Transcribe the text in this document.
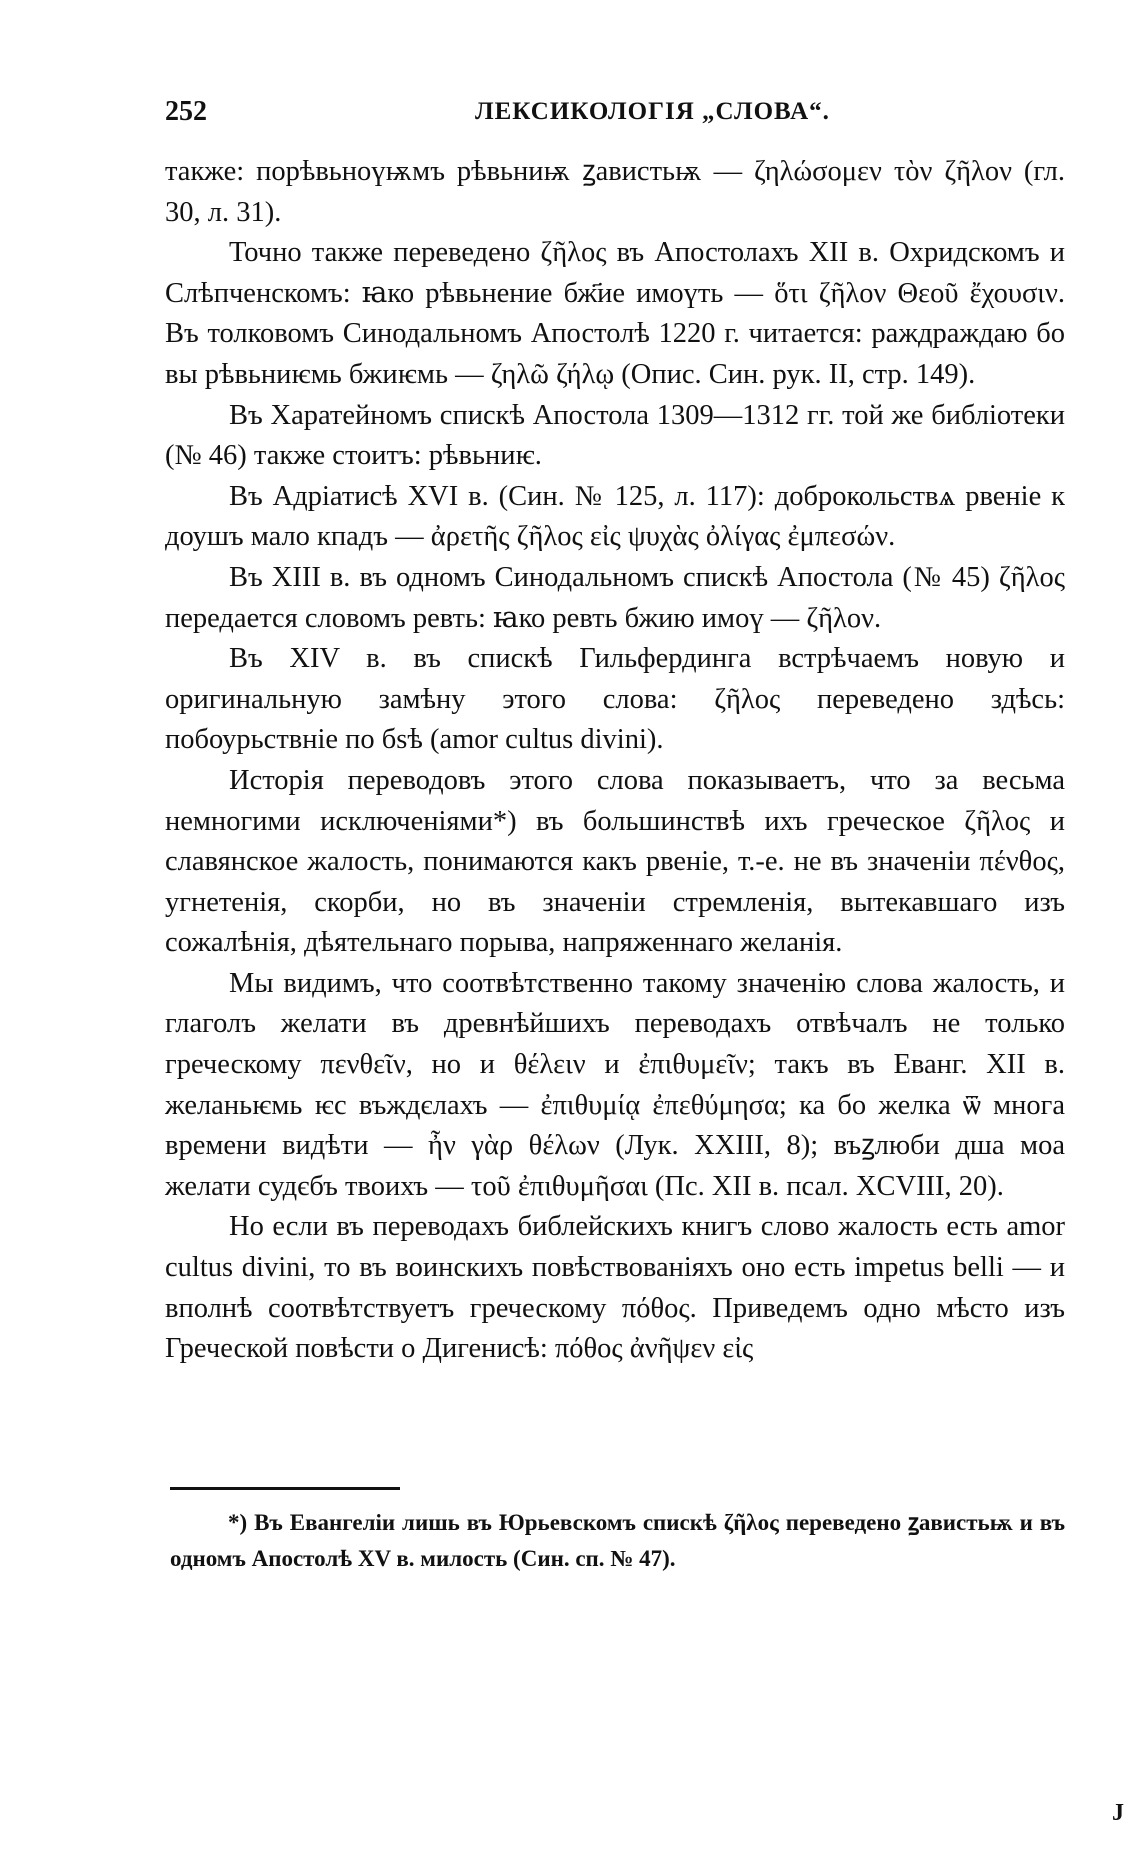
252	ЛЕКСИКОЛОГІЯ „СЛОВА“.

также: порѣвьноүѭмъ рѣвьниѭ ꙁавистьѭ — ζηλώσομεν τὸν ζῆλον (гл. 30, л. 31).

Точно также переведено ζῆλος въ Апостолахъ XII в. Охридскомъ и Слѣпченскомъ: ꙗко рѣвьнение бж҃ие имоүть — ὅτι ζῆλον Θεοῦ ἔχουσιν. Въ толковомъ Синодальномъ Апостолѣ 1220 г. читается: раждраждаю бо вы рѣвьниѥмь бжиѥмь — ζηλῶ ζήλῳ (Опис. Син. рук. II, стр. 149).

Въ Харатейномъ спискѣ Апостола 1309—1312 гг. той же библіотеки (№ 46) также стоитъ: рѣвьниѥ.

Въ Адріатисѣ XVI в. (Син. № 125, л. 117): доброкольствѧ рвеніе к доушъ мало кпадъ — ἀρετῆς ζῆλος εἰς ψυχὰς ὀλίγας ἐμπεσών.

Въ XIII в. въ одномъ Синодальномъ спискѣ Апостола (№ 45) ζῆλος передается словомъ ревть: ꙗко ревть бжию имоү — ζῆλον.

Въ XIV в. въ спискѣ Гильфердинга встрѣчаемъ новую и оригинальную замѣну этого слова: ζῆλος переведено здѣсь: побоурьствніе по бѕѣ (amor cultus divini).

Исторія переводовъ этого слова показываетъ, что за весьма немногими исключеніями*) въ большинствѣ ихъ греческое ζῆλος и славянское жалость, понимаются какъ рвеніе, т.-е. не въ значеніи πένθος, угнетенія, скорби, но въ значеніи стремленія, вытекавшаго изъ сожалѣнія, дѣятельнаго порыва, напряженнаго желанія.

Мы видимъ, что соотвѣтственно такому значенію слова жалость, и глаголъ желати въ древнѣйшихъ переводахъ отвѣчалъ не только греческому πενθεῖν, но и θέλειν и ἐπιθυμεῖν; такъ въ Еванг. XII в. желаньѥмь ѥс въждєлахъ — ἐπιθυμίᾳ ἐπεθύμησα; ка бо желка ѿ многа времени видѣти — ἦν γὰρ θέλων (Лук. XXIII, 8); въꙁлюби дша моа желати судєбъ твоихъ — τοῦ ἐπιθυμῆσαι (Пс. XII в. псал. XCVIII, 20).

Но если въ переводахъ библейскихъ книгъ слово жалость есть amor cultus divini, то въ воинскихъ повѣствованіяхъ оно есть impetus belli — и вполнѣ соотвѣтствуетъ греческому πόθος. Приведемъ одно мѣсто изъ Греческой повѣсти о Дигенисѣ: πόθος ἀνῆψεν εἰς

*) Въ Евангеліи лишь въ Юрьевскомъ спискѣ ζῆλος переведено ꙁавистьѭ и въ одномъ Апостолѣ XV в. милость (Син. сп. № 47).

J
